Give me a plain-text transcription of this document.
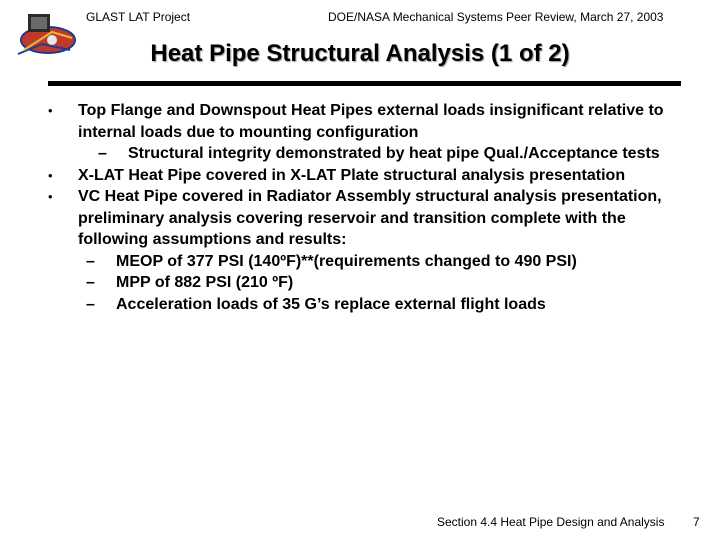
GLAST LAT Project	DOE/NASA Mechanical Systems Peer Review, March 27, 2003
Heat Pipe Structural Analysis (1 of 2)
• Top Flange and Downspout Heat Pipes external loads insignificant relative to internal loads due to mounting configuration
– Structural integrity demonstrated by heat pipe Qual./Acceptance tests
• X-LAT Heat Pipe covered in X-LAT Plate structural analysis presentation
• VC Heat Pipe covered in Radiator Assembly structural analysis presentation, preliminary analysis covering reservoir and transition complete with the following assumptions and results:
– MEOP of 377 PSI (140ºF)**(requirements changed to 490 PSI)
– MPP of 882 PSI (210 ºF)
– Acceleration loads of 35 G’s replace external flight loads
Section 4.4 Heat Pipe Design and Analysis 7
